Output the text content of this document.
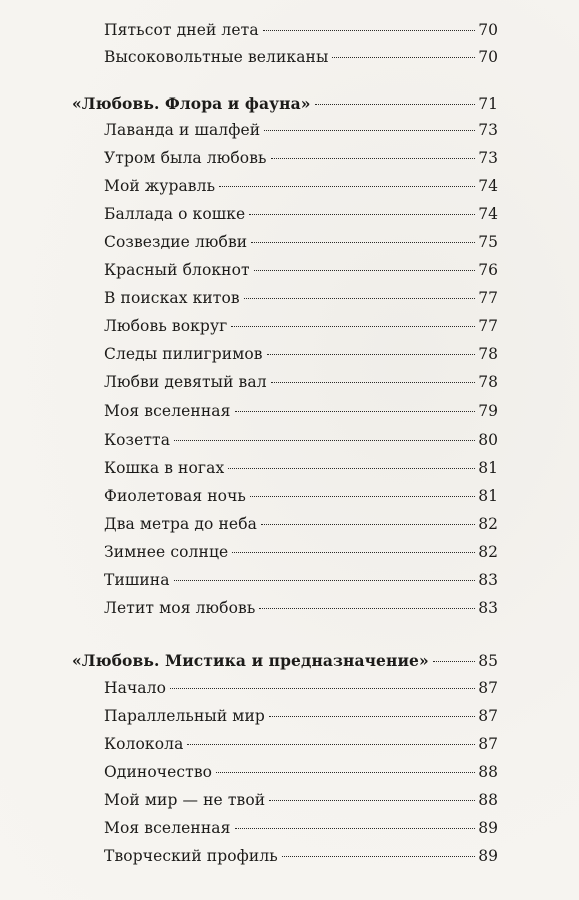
Пятьсот дней лета	70
Высоковольтные великаны	70
«Любовь. Флора и фауна»	71
Лаванда и шалфей	73
Утром была любовь	73
Мой журавль	74
Баллада о кошке	74
Созвездие любви	75
Красный блокнот	76
В поисках китов	77
Любовь вокруг	77
Следы пилигримов	78
Любви девятый вал	78
Моя вселенная	79
Козетта	80
Кошка в ногах	81
Фиолетовая ночь	81
Два метра до неба	82
Зимнее солнце	82
Тишина	83
Летит моя любовь	83
«Любовь. Мистика и предназначение»	85
Начало	87
Параллельный мир	87
Колокола	87
Одиночество	88
Мой мир — не твой	88
Моя вселенная	89
Творческий профиль	89
